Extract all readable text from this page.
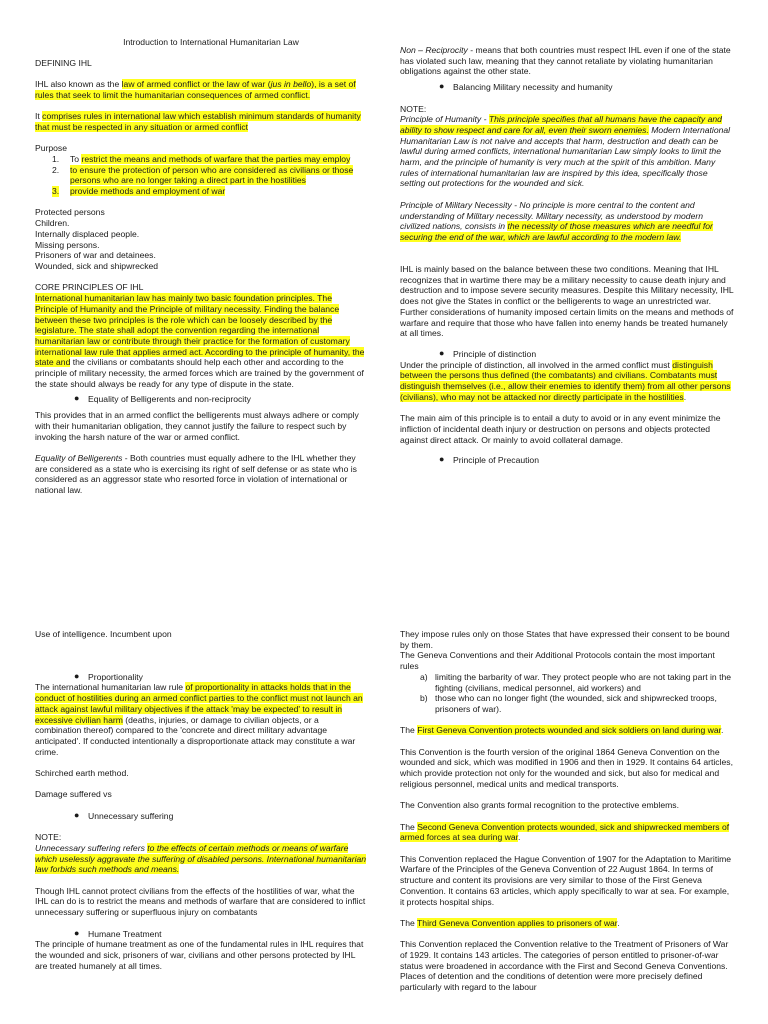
Introduction to International Humanitarian Law

DEFINING IHL

IHL also known as the law of armed conflict or the law of war (jus in bello), is a set of rules that seek to limit the humanitarian consequences of armed conflict.

It comprises rules in international law which establish minimum standards of humanity that must be respected in any situation or armed conflict

Purpose

1. To restrict the means and methods of warfare that the parties may employ
2. to ensure the protection of person who are considered as civilians or those persons who are no longer taking a direct part in the hostilities
3. provide methods and employment of war

Protected persons

Children.

Internally displaced people.

Missing persons.

Prisoners of war and detainees.

Wounded, sick and shipwrecked

CORE PRINCIPLES OF IHL

International humanitarian law has mainly two basic foundation principles. The Principle of Humanity and the Principle of military necessity. Finding the balance between these two principles is the role which can be loosely described by the legislature. The state shall adopt the convention regarding the international humanitarian law or contribute through their practice for the formation of customary international law rule that applies armed act. According to the principle of humanity, the state and the civilians or combatants should help each other and according to the principle of military necessity, the armed forces which are trained by the government of the state should always be ready for any type of dispute in the state.

● Equality of Belligerents and non-reciprocity

This provides that in an armed conflict the belligerents must always adhere or comply with their humanitarian obligation, they cannot justify the failure to respect such by invoking the harsh nature of the war or armed conflict.

Equality of Belligerents - Both countries must equally adhere to the IHL whether they are considered as a state who is exercising its right of self defense or as state who is considered as an aggressor state who resorted force in violation of international or national law.

Non – Reciprocity - means that both countries must respect IHL even if one of the state has violated such law, meaning that they cannot retaliate by violating humanitarian obligations against the other state.

● Balancing Military necessity and humanity

NOTE:

Principle of Humanity - This principle specifies that all humans have the capacity and ability to show respect and care for all, even their sworn enemies. Modern International Humanitarian Law is not naive and accepts that harm, destruction and death can be lawful during armed conflicts, international humanitarian Law simply looks to limit the harm, and the principle of humanity is very much at the spirit of this ambition. Many rules of international humanitarian law are inspired by this idea, specifically those setting out protections for the wounded and sick.

Principle of Military Necessity - No principle is more central to the content and understanding of Military necessity. Military necessity, as understood by modern civilized nations, consists in the necessity of those measures which are needful for securing the end of the war, which are lawful according to the modern law.

IHL is mainly based on the balance between these two conditions. Meaning that IHL recognizes that in wartime there may be a military necessity to cause death injury and destruction and to impose severe security measures. Despite this Military necessity, IHL does not give the States in conflict or the belligerents to wage an unrestricted war. Further considerations of humanity imposed certain limits on the means and methods of warfare and require that those who have fallen into enemy hands be treated humanely at all times.

● Principle of distinction

Under the principle of distinction, all involved in the armed conflict must distinguish between the persons thus defined (the combatants) and civilians. Combatants must distinguish themselves (i.e., allow their enemies to identify them) from all other persons (civilians), who may not be attacked nor directly participate in the hostilities.

The main aim of this principle is to entail a duty to avoid or in any event minimize the infliction of incidental death injury or destruction on persons and objects protected against direct attack. Or mainly to avoid collateral damage.

● Principle of Precaution

Use of intelligence. Incumbent upon

● Proportionality

The international humanitarian law rule of proportionality in attacks holds that in the conduct of hostilities during an armed conflict parties to the conflict must not launch an attack against lawful military objectives if the attack 'may be expected' to result in excessive civilian harm (deaths, injuries, or damage to civilian objects, or a combination thereof) compared to the 'concrete and direct military advantage anticipated'. If conducted intentionally a disproportionate attack may constitute a war crime.

Schirched earth method.

Damage suffered vs

● Unnecessary suffering

NOTE:

Unnecessary suffering refers to the effects of certain methods or means of warfare which uselessly aggravate the suffering of disabled persons. International humanitarian law forbids such methods and means.

Though IHL cannot protect civilians from the effects of the hostilities of war, what the IHL can do is to restrict the means and methods of warfare that are considered to inflict unnecessary suffering or superfluous injury on combatants

● Humane Treatment

The principle of humane treatment as one of the fundamental rules in IHL requires that the wounded and sick, prisoners of war, civilians and other persons protected by IHL are treated humanely at all times.

They impose rules only on those States that have expressed their consent to be bound by them.

The Geneva Conventions and their Additional Protocols contain the most important rules

a) limiting the barbarity of war. They protect people who are not taking part in the fighting (civilians, medical personnel, aid workers) and
b) those who can no longer fight (the wounded, sick and shipwrecked troops, prisoners of war).

The First Geneva Convention protects wounded and sick soldiers on land during war.

This Convention is the fourth version of the original 1864 Geneva Convention on the wounded and sick, which was modified in 1906 and then in 1929. It contains 64 articles, which provide protection not only for the wounded and sick, but also for medical and religious personnel, medical units and medical transports.

The Convention also grants formal recognition to the protective emblems.

The Second Geneva Convention protects wounded, sick and shipwrecked members of armed forces at sea during war.

This Convention replaced the Hague Convention of 1907 for the Adaptation to Maritime Warfare of the Principles of the Geneva Convention of 22 August 1864. In terms of structure and content its provisions are very similar to those of the First Geneva Convention. It contains 63 articles, which apply specifically to war at sea. For example, it protects hospital ships.

The Third Geneva Convention applies to prisoners of war.

This Convention replaced the Convention relative to the Treatment of Prisoners of War of 1929. It contains 143 articles. The categories of person entitled to prisoner-of-war status were broadened in accordance with the First and Second Geneva Conventions. Places of detention and the conditions of detention were more precisely defined particularly with regard to the labour
